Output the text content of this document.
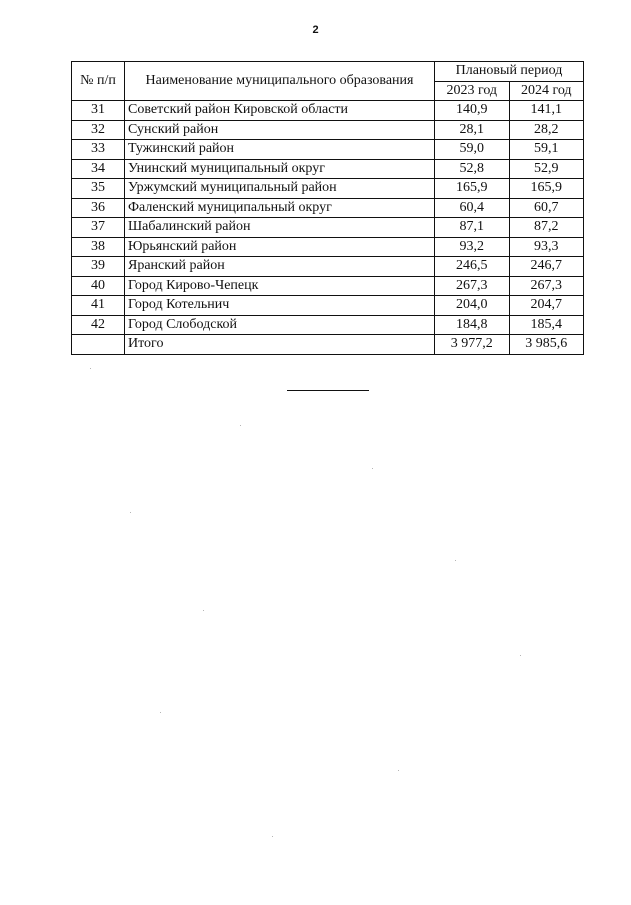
2
№ п/п	Наименование муниципального образования	Плановый период	
		2023 год	2024 год
31	Советский район Кировской области	140,9	141,1
32	Сунский район	28,1	28,2
33	Тужинский район	59,0	59,1
34	Унинский муниципальный округ	52,8	52,9
35	Уржумский муниципальный район	165,9	165,9
36	Фаленский муниципальный округ	60,4	60,7
37	Шабалинский район	87,1	87,2
38	Юрьянский район	93,2	93,3
39	Яранский район	246,5	246,7
40	Город Кирово-Чепецк	267,3	267,3
41	Город Котельнич	204,0	204,7
42	Город Слободской	184,8	185,4
	Итого	3 977,2	3 985,6
